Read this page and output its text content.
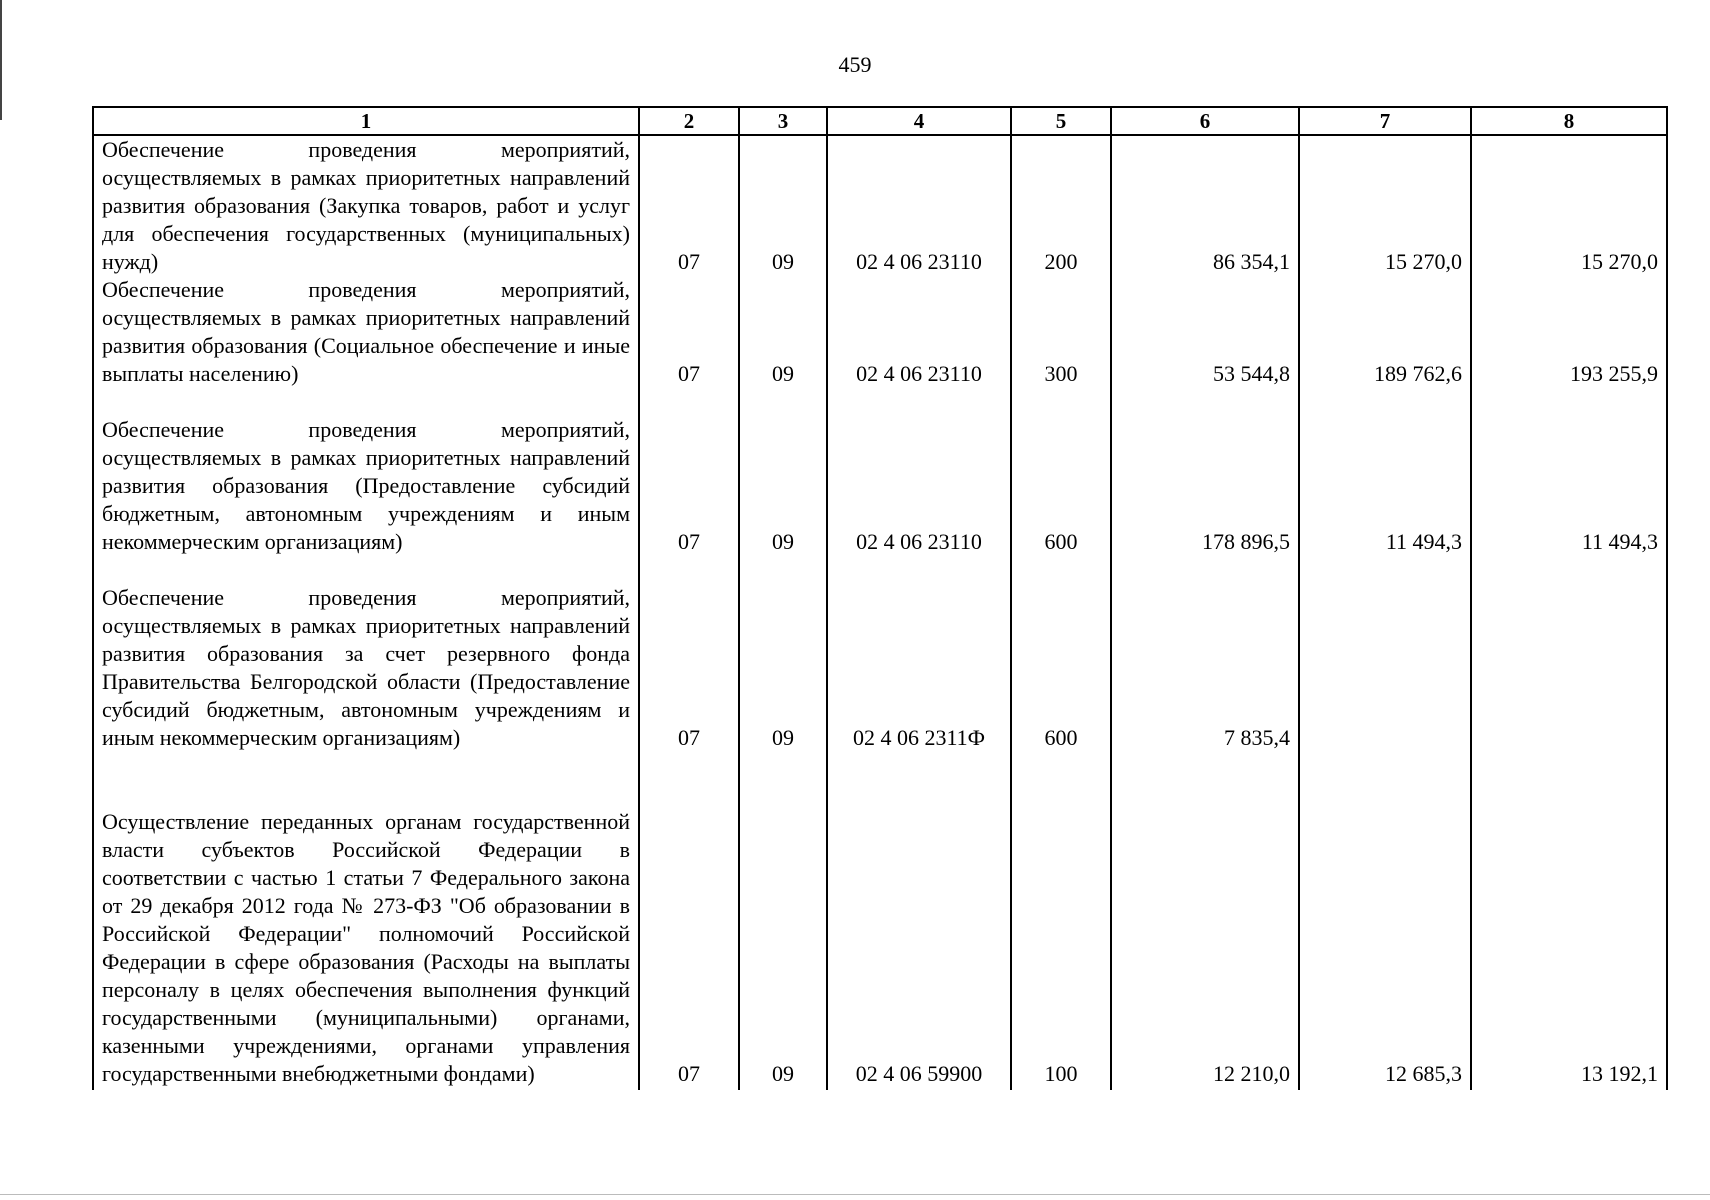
459
1	2	3	4	5	6	7	8
Обеспечение проведения мероприятий, осуществляемых в рамках приоритетных направлений развития образования (Закупка товаров, работ и услуг для обеспечения государственных (муниципальных) нужд)	07	09	02 4 06 23110	200	86 354,1	15 270,0	15 270,0
Обеспечение проведения мероприятий, осуществляемых в рамках приоритетных направлений развития образования (Социальное обеспечение и иные выплаты населению)	07	09	02 4 06 23110	300	53 544,8	189 762,6	193 255,9
Обеспечение проведения мероприятий, осуществляемых в рамках приоритетных направлений развития образования (Предоставление субсидий бюджетным, автономным учреждениям и иным некоммерческим организациям)	07	09	02 4 06 23110	600	178 896,5	11 494,3	11 494,3
Обеспечение проведения мероприятий, осуществляемых в рамках приоритетных направлений развития образования за счет резервного фонда Правительства Белгородской области (Предоставление субсидий бюджетным, автономным учреждениям и иным некоммерческим организациям)	07	09	02 4 06 2311Ф	600	7 835,4		
Осуществление переданных органам государственной власти субъектов Российской Федерации в соответствии с частью 1 статьи 7 Федерального закона от 29 декабря 2012 года № 273-ФЗ "Об образовании в Российской Федерации" полномочий Российской Федерации в сфере образования (Расходы на выплаты персоналу в целях обеспечения выполнения функций государственными (муниципальными) органами, казенными учреждениями, органами управления государственными внебюджетными фондами)	07	09	02 4 06 59900	100	12 210,0	12 685,3	13 192,1
